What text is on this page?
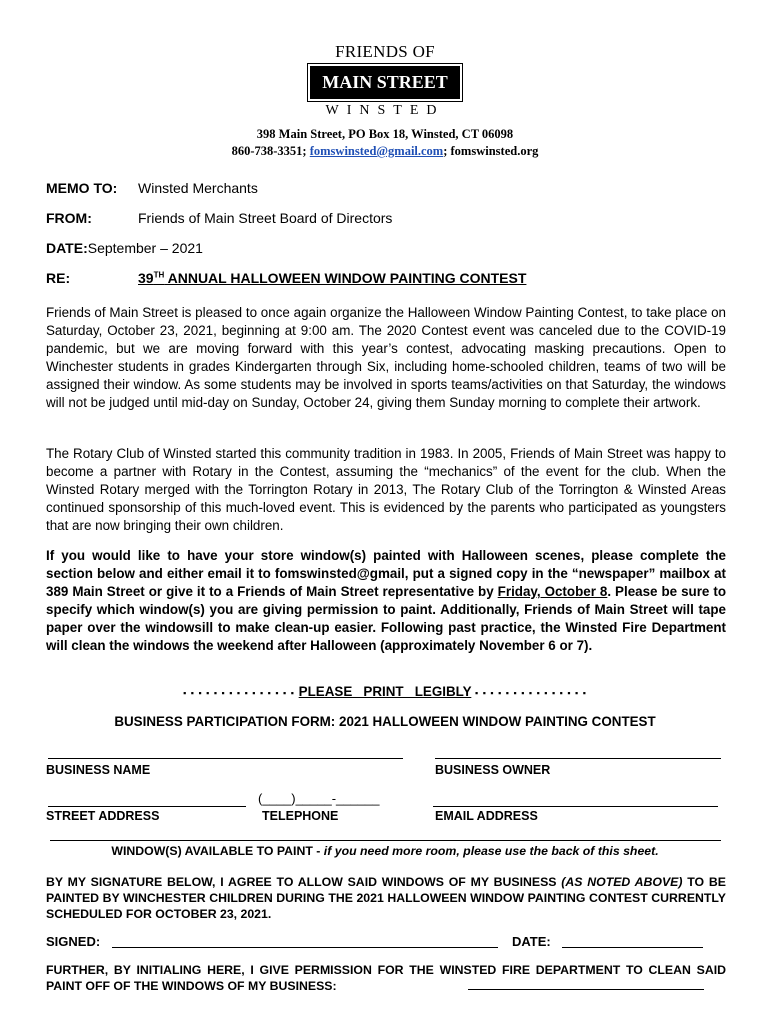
FRIENDS OF
MAIN STREET
WINSTED
398 Main Street, PO Box 18, Winsted, CT 06098
860-738-3351; fomswinsted@gmail.com; fomswinsted.org
MEMO TO: Winsted Merchants
FROM:	Friends of Main Street Board of Directors
DATE:September – 2021
RE:	39TH ANNUAL HALLOWEEN WINDOW PAINTING CONTEST
Friends of Main Street is pleased to once again organize the Halloween Window Painting Contest, to take place on Saturday, October 23, 2021, beginning at 9:00 am. The 2020 Contest event was canceled due to the COVID-19 pandemic, but we are moving forward with this year’s contest, advocating masking precautions. Open to Winchester students in grades Kindergarten through Six, including home-schooled children, teams of two will be assigned their window. As some students may be involved in sports teams/activities on that Saturday, the windows will not be judged until mid-day on Sunday, October 24, giving them Sunday morning to complete their artwork.
The Rotary Club of Winsted started this community tradition in 1983. In 2005, Friends of Main Street was happy to become a partner with Rotary in the Contest, assuming the “mechanics” of the event for the club. When the Winsted Rotary merged with the Torrington Rotary in 2013, The Rotary Club of the Torrington & Winsted Areas continued sponsorship of this much-loved event. This is evidenced by the parents who participated as youngsters that are now bringing their own children.
If you would like to have your store window(s) painted with Halloween scenes, please complete the section below and either email it to fomswinsted@gmail, put a signed copy in the “newspaper” mailbox at 389 Main Street or give it to a Friends of Main Street representative by Friday, October 8. Please be sure to specify which window(s) you are giving permission to paint. Additionally, Friends of Main Street will tape paper over the windowsill to make clean-up easier. Following past practice, the Winsted Fire Department will clean the windows the weekend after Halloween (approximately November 6 or 7).
▪ ▪ ▪ ▪ ▪ ▪ ▪ ▪ ▪ ▪ ▪ ▪ ▪ ▪ ▪ PLEASE   PRINT   LEGIBLY ▪ ▪ ▪ ▪ ▪ ▪ ▪ ▪ ▪ ▪ ▪ ▪ ▪ ▪ ▪
BUSINESS PARTICIPATION FORM: 2021 HALLOWEEN WINDOW PAINTING CONTEST
BUSINESS NAME	BUSINESS OWNER
(____)_____-______
STREET ADDRESS	TELEPHONE	EMAIL ADDRESS
WINDOW(S) AVAILABLE TO PAINT - if you need more room, please use the back of this sheet.
BY MY SIGNATURE BELOW, I AGREE TO ALLOW SAID WINDOWS OF MY BUSINESS (AS NOTED ABOVE) TO BE PAINTED BY WINCHESTER CHILDREN DURING THE 2021 HALLOWEEN WINDOW PAINTING CONTEST CURRENTLY SCHEDULED FOR OCTOBER 23, 2021.
SIGNED:	DATE:
FURTHER, BY INITIALING HERE, I GIVE PERMISSION FOR THE WINSTED FIRE DEPARTMENT TO CLEAN SAID PAINT OFF OF THE WINDOWS OF MY BUSINESS:
